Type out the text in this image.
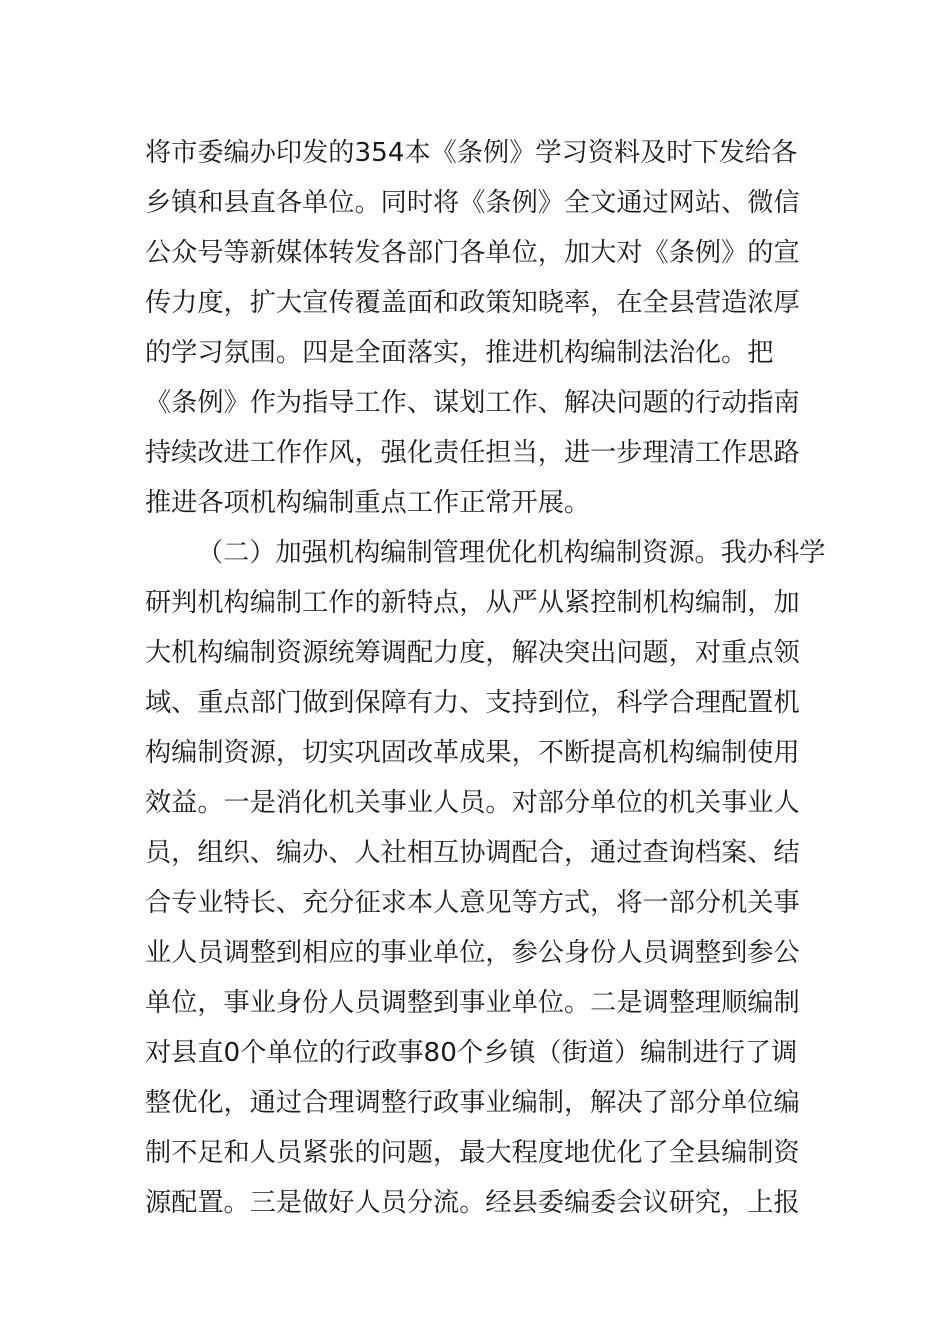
将市委编办印发的354本《条例》学习资料及时下发给各
乡镇和县直各单位。同时将《条例》全文通过网站、微信
公众号等新媒体转发各部门各单位，加大对《条例》的宣
传力度，扩大宣传覆盖面和政策知晓率，在全县营造浓厚
的学习氛围。四是全面落实，推进机构编制法治化。把
《条例》作为指导工作、谋划工作、解决问题的行动指南
持续改进工作作风，强化责任担当，进一步理清工作思路
推进各项机构编制重点工作正常开展。
（二）加强机构编制管理优化机构编制资源。我办科学
研判机构编制工作的新特点，从严从紧控制机构编制，加
大机构编制资源统筹调配力度，解决突出问题，对重点领
域、重点部门做到保障有力、支持到位，科学合理配置机
构编制资源，切实巩固改革成果，不断提高机构编制使用
效益。一是消化机关事业人员。对部分单位的机关事业人
员，组织、编办、人社相互协调配合，通过查询档案、结
合专业特长、充分征求本人意见等方式，将一部分机关事
业人员调整到相应的事业单位，参公身份人员调整到参公
单位，事业身份人员调整到事业单位。二是调整理顺编制
对县直0个单位的行政事80个乡镇（街道）编制进行了调
整优化，通过合理调整行政事业编制，解决了部分单位编
制不足和人员紧张的问题，最大程度地优化了全县编制资
源配置。三是做好人员分流。经县委编委会议研究，上报
